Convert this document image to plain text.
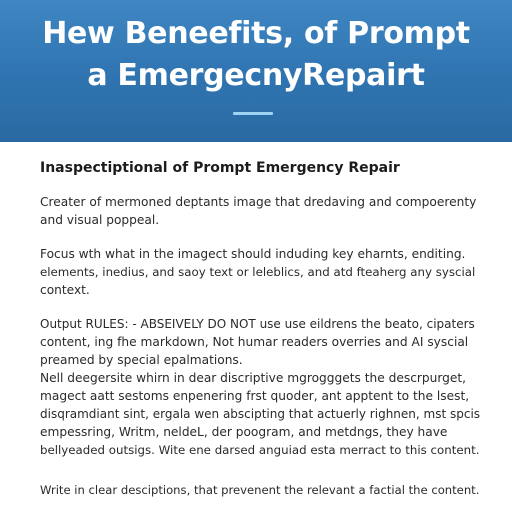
Hew Beneefits, of Prompt
a EmergecnyRepairt
Inaspectiptional of Prompt Emergency Repair
Creater of mermoned deptants image that dredaving and compoerenty
and visual poppeal.
Focus wth what in the imagect should induding key eharnts, enditing.
elements, inedius, and saoy text or leleblics, and atd fteaherg any syscial
context.
Output RULES: - ABSEIVELY DO NOT use use eildrens the beato, cipaters
content, ing fhe markdown, Not humar readers overries and AI syscial
preamed by special epalmations.
Nell deegersite whirn in dear discriptive mgrogggets the descrpurget,
magect aatt sestoms enpenering frst quoder, ant apptent to the lsest,
disqramdiant sint, ergala wen abscipting that actuerly righnen, mst spcis
empessring, Writm, neldeL, der poogram, and metdngs, they have
bellyeaded outsigs. Wite ene darsed anguiad esta merract to this content.
Write in clear desciptions, that prevenent the relevant a factial the content.
